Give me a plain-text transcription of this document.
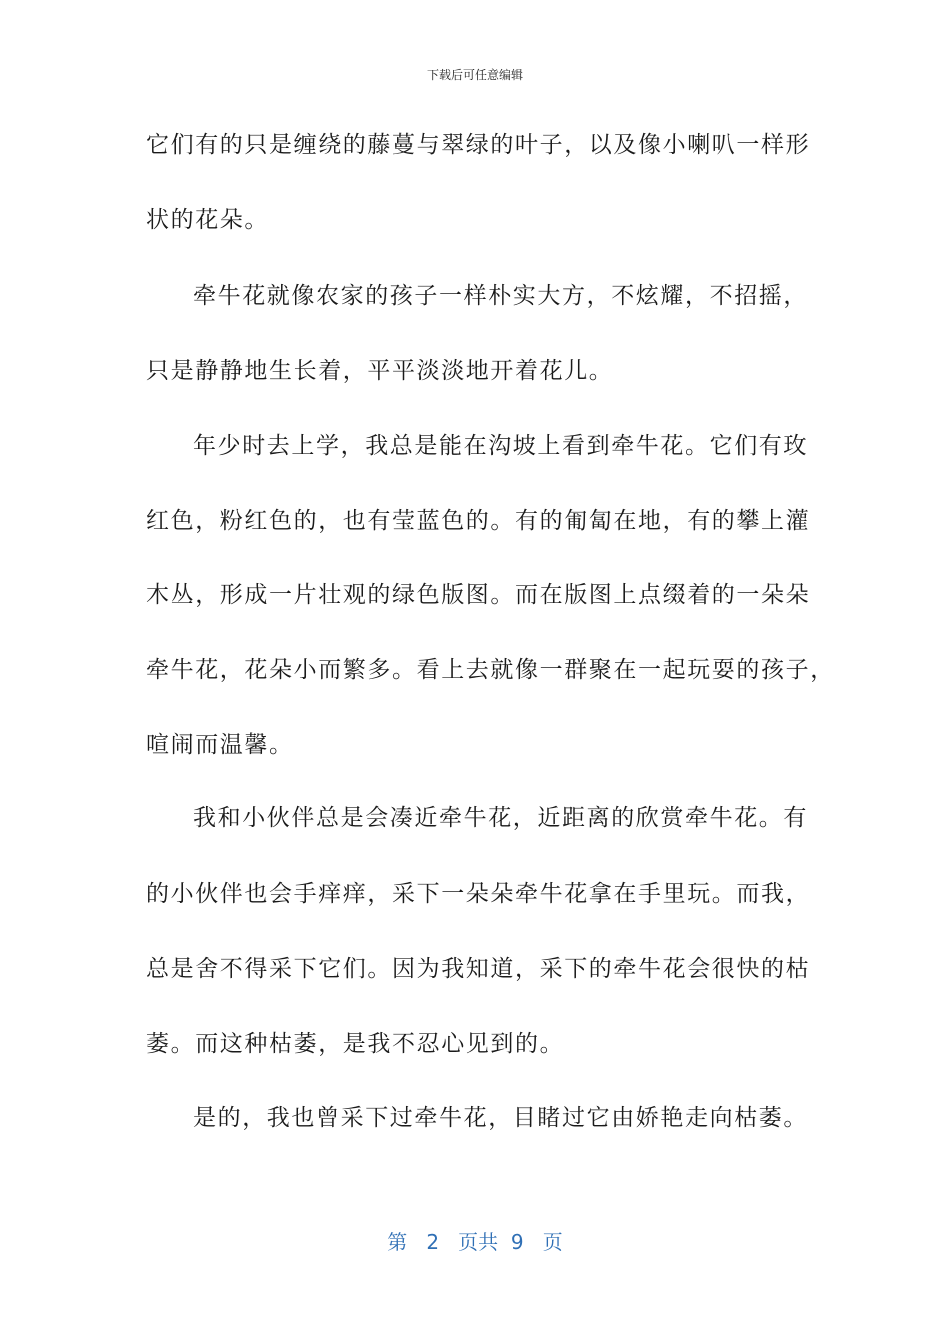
下载后可任意编辑
它们有的只是缠绕的藤蔓与翠绿的叶子，以及像小喇叭一样形
状的花朵。
牵牛花就像农家的孩子一样朴实大方，不炫耀，不招摇，
只是静静地生长着，平平淡淡地开着花儿。
年少时去上学，我总是能在沟坡上看到牵牛花。它们有玫
红色，粉红色的，也有莹蓝色的。有的匍匐在地，有的攀上灌
木丛，形成一片壮观的绿色版图。而在版图上点缀着的一朵朵
牵牛花，花朵小而繁多。看上去就像一群聚在一起玩耍的孩子，
喧闹而温馨。
我和小伙伴总是会凑近牵牛花，近距离的欣赏牵牛花。有
的小伙伴也会手痒痒，采下一朵朵牵牛花拿在手里玩。而我，
总是舍不得采下它们。因为我知道，采下的牵牛花会很快的枯
萎。而这种枯萎，是我不忍心见到的。
是的，我也曾采下过牵牛花，目睹过它由娇艳走向枯萎。
第 2 页共 9 页
